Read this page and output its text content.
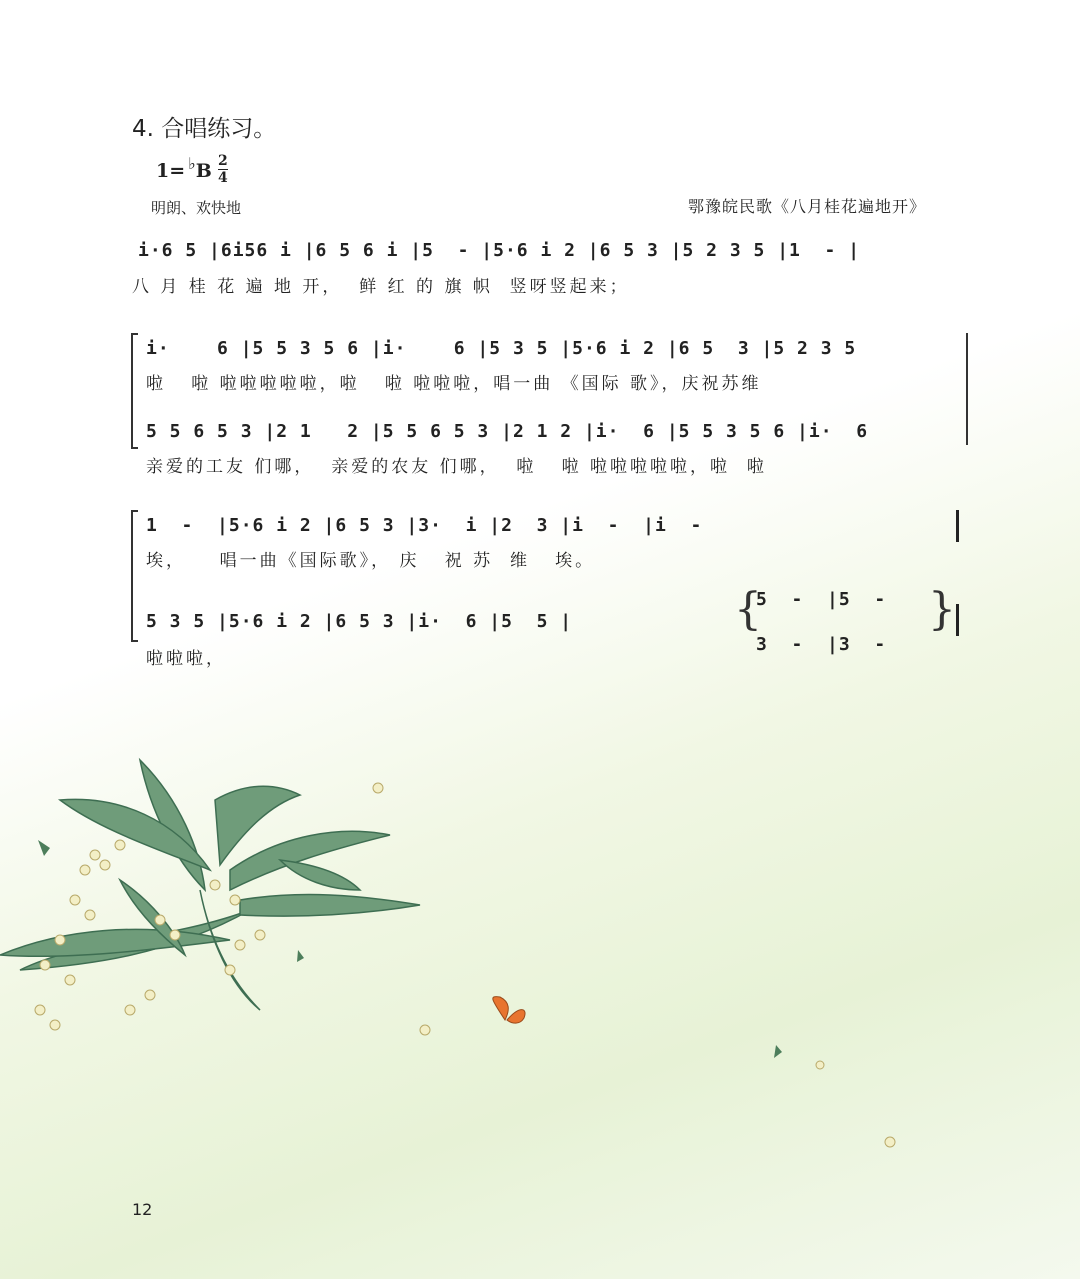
4. 合唱练习。
1= ♭B 2
4
明朗、欢快地	鄂豫皖民歌《八月桂花遍地开》
i·6 5 |6i56 i |6 5 6 i |5  - |5·6 i 2 |6 5 3 |5 2 3 5 |1  - |
八 月 桂 花 遍 地 开，  鲜 红 的 旗 帜  竖呀竖起来；
i·    6 |5 5 3 5 6 |i·    6 |5 3 5 |5·6 i 2 |6 5  3 |5 2 3 5
啦   啦 啦啦啦啦啦，啦   啦 啦啦啦，唱一曲 《国际 歌》，庆祝苏维
5 5 6 5 3 |2 1   2 |5 5 6 5 3 |2 1 2 |i·  6 |5 5 3 5 6 |i·  6
亲爱的工友 们哪，  亲爱的农友 们哪，  啦   啦 啦啦啦啦啦，啦  啦
1  -  |5·6 i 2 |6 5 3 |3·  i |2  3 |i  -  |i  -
埃，    唱一曲《国际歌》， 庆   祝 苏  维   埃。
5 3 5 |5·6 i 2 |6 5 3 |i·  6 |5  5 |
啦啦啦，
{
5  -  |5  -
3  -  |3  -
}
12
